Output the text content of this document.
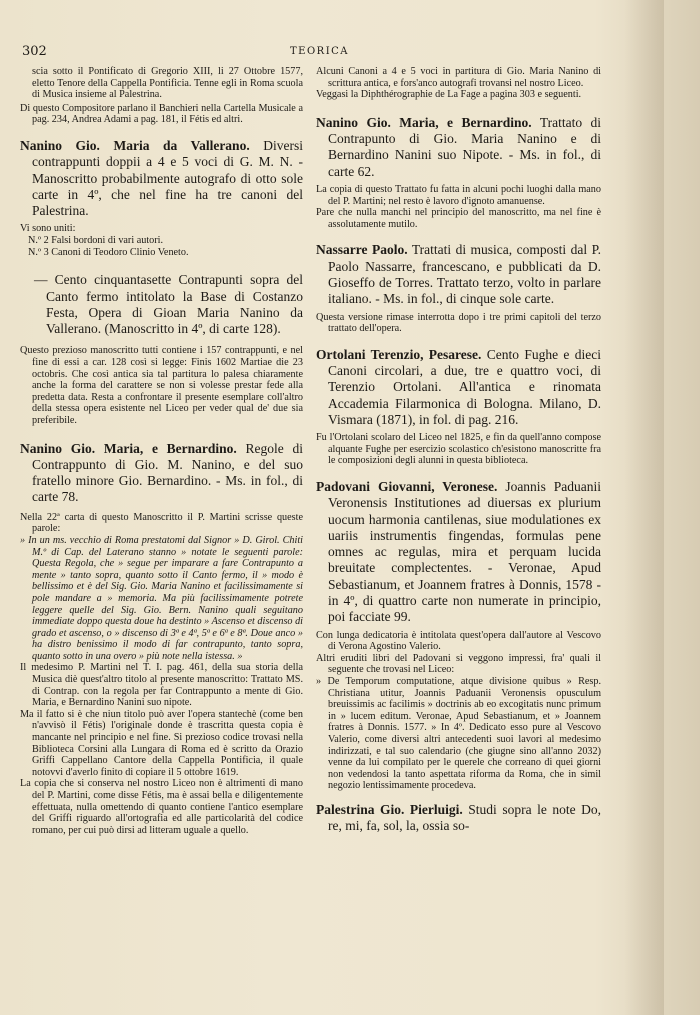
302	TEORICA

scia sotto il Pontificato di Gregorio XIII, li 27 Ottobre 1577, eletto Tenore della Cappella Pontificia. Tenne egli in Roma scuola di Musica insieme al Palestrina.

Di questo Compositore parlano il Banchieri nella Cartella Musicale a pag. 234, Andrea Adami a pag. 181, il Fétis ed altri.

Nanino Gio. Maria da Vallerano. Diversi contrappunti doppii a 4 e 5 voci di G. M. N. - Manoscritto probabilmente autografo di otto sole carte in 4º, che nel fine ha tre canoni del Palestrina.

Vi sono uniti:

N.º 2 Falsi bordoni di vari autori.

N.º 3 Canoni di Teodoro Clinio Veneto.

— Cento cinquantasette Contrapunti sopra del Canto fermo intitolato la Base di Costanzo Festa, Opera di Gioan Maria Nanino da Vallerano. (Manoscritto in 4º, di carte 128).

Questo prezioso manoscritto tutti contiene i 157 contrappunti, e nel fine di essi a car. 128 così si legge: Finis 1602 Martiae die 23 octobris. Che così antica sia tal partitura lo palesa chiaramente anche la forma del carattere se non si volesse prestar fede alla predetta data. Resta a confrontare il presente esemplare coll'altro della stessa opera esistente nel Liceo per veder qual de' due sia preferibile.

Nanino Gio. Maria, e Bernardino. Regole di Contrappunto di Gio. M. Nanino, e del suo fratello minore Gio. Bernardino. - Ms. in fol., di carte 78.

Nella 22ª carta di questo Manoscritto il P. Martini scrisse queste parole:

» In un ms. vecchio di Roma prestatomi dal Signor » D. Girol. Chiti M.º di Cap. del Laterano stanno » notate le seguenti parole: Questa Regola, che » segue per imparare a fare Contrapunto a mente » tanto sopra, quanto sotto il Canto fermo, il » modo è bellissimo et è del Sig. Gio. Maria Nanino et facilissimamente si pole mandare a » memoria. Ma più facilissimamente potrete leggere quelle del Sig. Gio. Bern. Nanino quali seguitano immediate doppo questa doue ha destinto » Ascenso et discenso di grado et ascenso, o » discenso di 3ª e 4ª, 5ª e 6ª e 8ª. Doue anco » ha distro benissimo il modo di far contrapunto, tanto sopra, quanto sotto in una overo » più note nella istessa. »

Il medesimo P. Martini nel T. I. pag. 461, della sua storia della Musica diè quest'altro titolo al presente manoscritto: Trattato MS. di Contrap. con la regola per far Contrappunto a mente di Gio. Maria, e Bernardino Nanini suo nipote.

Ma il fatto si è che niun titolo può aver l'opera stantechè (come ben n'avvisò il Fétis) l'originale donde è trascritta questa copia è mancante nel principio e nel fine. Si prezioso codice trovasi nella Biblioteca Corsini alla Lungara di Roma ed è scritto da Orazio Griffi Cappellano Cantore della Cappella Pontificia, il quale notovvi d'averlo finito di copiare il 5 ottobre 1619.

La copia che si conserva nel nostro Liceo non è altrimenti di mano del P. Martini, come disse Fétis, ma è assai bella e diligentemente effettuata, nulla omettendo di quanto contiene l'antico esemplare del Griffi riguardo all'ortografia ed alle particolarità del codice romano, per cui può dirsi ad litteram uguale a quello.

Alcuni Canoni a 4 e 5 voci in partitura di Gio. Maria Nanino di scrittura antica, e fors'anco autografi trovansi nel nostro Liceo.

Veggasi la Diphthérographie de La Fage a pagina 303 e seguenti.

Nanino Gio. Maria, e Bernardino. Trattato di Contrapunto di Gio. Maria Nanino e di Bernardino Nanini suo Nipote. - Ms. in fol., di carte 62.

La copia di questo Trattato fu fatta in alcuni pochi luoghi dalla mano del P. Martini; nel resto è lavoro d'ignoto amanuense.

Pare che nulla manchi nel principio del manoscritto, ma nel fine è assolutamente mutilo.

Nassarre Paolo. Trattati di musica, composti dal P. Paolo Nassarre, francescano, e pubblicati da D. Gioseffo de Torres. Trattato terzo, volto in parlare italiano. - Ms. in fol., di cinque sole carte.

Questa versione rimase interrotta dopo i tre primi capitoli del terzo trattato dell'opera.

Ortolani Terenzio, Pesarese. Cento Fughe e dieci Canoni circolari, a due, tre e quattro voci, di Terenzio Ortolani. All'antica e rinomata Accademia Filarmonica di Bologna. Milano, D. Vismara (1871), in fol. di pag. 216.

Fu l'Ortolani scolaro del Liceo nel 1825, e fin da quell'anno compose alquante Fughe per esercizio scolastico ch'esistono manoscritte fra le composizioni degli alunni in questa biblioteca.

Padovani Giovanni, Veronese. Joannis Paduanii Veronensis Institutiones ad diuersas ex plurium uocum harmonia cantilenas, siue modulationes ex uariis instrumentis fingendas, formulas pene omnes ac regulas, mira et perquam lucida breuitate complectentes. - Veronae, Apud Sebastianum, et Joannem fratres à Donnis, 1578 - in 4º, di quattro carte non numerate in principio, poi facciate 99.

Con lunga dedicatoria è intitolata quest'opera dall'autore al Vescovo di Verona Agostino Valerio.

Altri eruditi libri del Padovani si veggono impressi, fra' quali il seguente che trovasi nel Liceo:

» De Temporum computatione, atque divisione quibus » Resp. Christiana utitur, Joannis Paduanii Veronensis opusculum breuissimis ac facilimis » doctrinis ab eo excogitatis nunc primum in » lucem editum. Veronae, Apud Sebastianum, et » Joannem fratres à Donnis. 1577. » In 4º. Dedicato esso pure al Vescovo Valerio, come diversi altri antecedenti suoi lavori al medesimo indirizzati, e tal suo calendario (che giugne sino all'anno 2032) venne da lui compilato per le querele che correano di quei giorni non vedendosi la tanto aspettata riforma da Roma, che in simil negozio lentissimamente procedeva.

Palestrina Gio. Pierluigi. Studi sopra le note Do, re, mi, fa, sol, la, ossia so-
